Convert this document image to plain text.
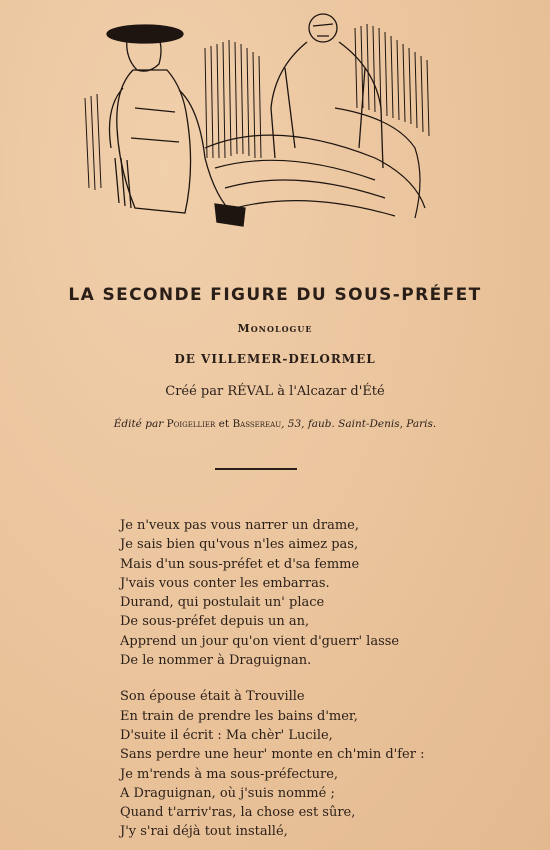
LA SECONDE FIGURE DU SOUS-PRÉFET
Monologue
DE VILLEMER-DELORMEL
Créé par RÉVAL à l'Alcazar d'Été
Édité par Poigellier et Bassereau, 53, faub. Saint-Denis, Paris.
Je n'veux pas vous narrer un drame,
Je sais bien qu'vous n'les aimez pas,
Mais d'un sous-préfet et d'sa femme
J'vais vous conter les embarras.
Durand, qui postulait un' place
De sous-préfet depuis un an,
Apprend un jour qu'on vient d'guerr' lasse
De le nommer à Draguignan.
Son épouse était à Trouville
En train de prendre les bains d'mer,
D'suite il écrit : Ma chèr' Lucile,
Sans perdre une heur' monte en ch'min d'fer :
Je m'rends à ma sous-préfecture,
A Draguignan, où j'suis nommé ;
Quand t'arriv'ras, la chose est sûre,
J'y s'rai déjà tout installé,
